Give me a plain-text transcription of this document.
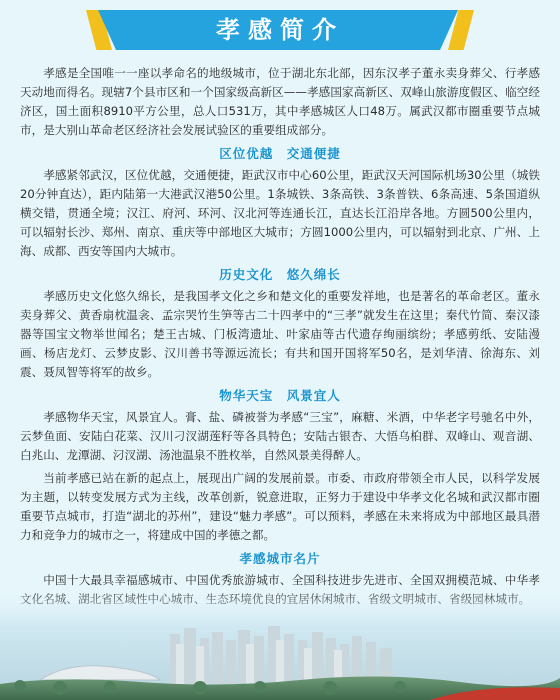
孝感简介

孝感是全国唯一一座以孝命名的地级城市，位于湖北东北部，因东汉孝子董永卖身葬父、行孝感天动地而得名。现辖7个县市区和一个国家级高新区——孝感国家高新区、双峰山旅游度假区、临空经济区，国土面积8910平方公里，总人口531万，其中孝感城区人口48万。属武汉都市圈重要节点城市，是大别山革命老区经济社会发展试验区的重要组成部分。

区位优越　交通便捷

孝感紧邻武汉，区位优越，交通便捷，距武汉市中心60公里，距武汉天河国际机场30公里（城铁20分钟直达），距内陆第一大港武汉港50公里。1条城铁、3条高铁、3条普铁、6条高速、5条国道纵横交错，贯通全境；汉江、府河、环河、汉北河等连通长江，直达长江沿岸各地。方圆500公里内，可以辐射长沙、郑州、南京、重庆等中部地区大城市；方圆1000公里内，可以辐射到北京、广州、上海、成都、西安等国内大城市。

历史文化　悠久绵长

孝感历史文化悠久绵长，是我国孝文化之乡和楚文化的重要发祥地，也是著名的革命老区。董永卖身葬父、黄香扇枕温衾、孟宗哭竹生笋等古二十四孝中的“三孝”就发生在这里；秦代竹简、秦汉漆器等国宝文物举世闻名；楚王古城、门板湾遗址、叶家庙等古代遗存绚丽缤纷；孝感剪纸、安陆漫画、杨店龙灯、云梦皮影、汉川善书等源远流长；有共和国开国将军50名，是刘华清、徐海东、刘震、聂凤智等将军的故乡。

物华天宝　风景宜人

孝感物华天宝，风景宜人。膏、盐、磷被誉为孝感“三宝”，麻糖、米酒，中华老字号驰名中外，云梦鱼面、安陆白花菜、汉川刁汊湖莲籽等各具特色；安陆古银杏、大悟乌桕群、双峰山、观音湖、白兆山、龙潭湖、汈汊湖、汤池温泉不胜枚举，自然风景美得醉人。

当前孝感已站在新的起点上，展现出广阔的发展前景。市委、市政府带领全市人民，以科学发展为主题，以转变发展方式为主线，改革创新，锐意进取，正努力于建设中华孝文化名城和武汉都市圈重要节点城市，打造“湖北的苏州”，建设“魅力孝感”。可以预料，孝感在未来将成为中部地区最具潜力和竞争力的城市之一，将建成中国的孝德之都。

孝感城市名片

中国十大最具幸福感城市、中国优秀旅游城市、全国科技进步先进市、全国双拥模范城、中华孝
